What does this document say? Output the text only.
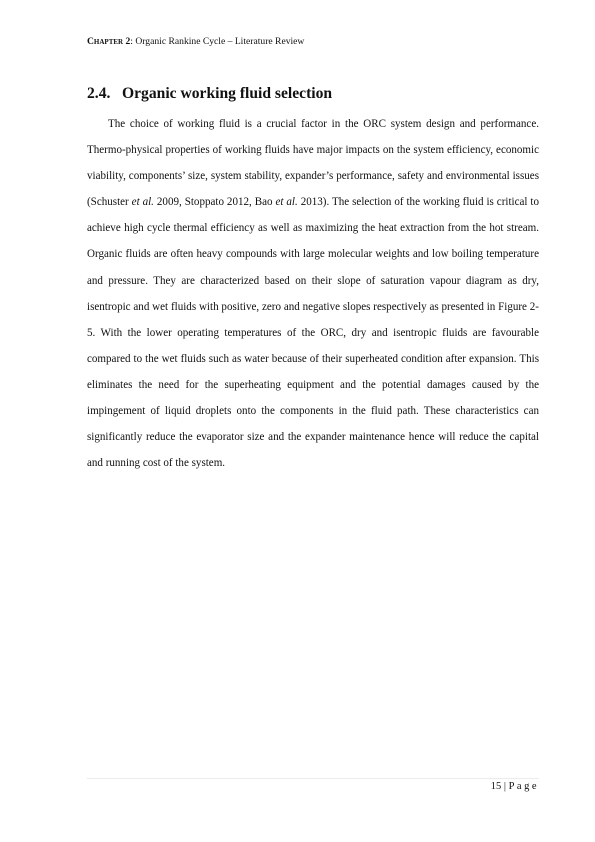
Chapter 2: Organic Rankine Cycle – Literature Review
2.4. Organic working fluid selection

The choice of working fluid is a crucial factor in the ORC system design and performance. Thermo-physical properties of working fluids have major impacts on the system efficiency, economic viability, components’ size, system stability, expander’s performance, safety and environmental issues (Schuster et al. 2009, Stoppato 2012, Bao et al. 2013). The selection of the working fluid is critical to achieve high cycle thermal efficiency as well as maximizing the heat extraction from the hot stream. Organic fluids are often heavy compounds with large molecular weights and low boiling temperature and pressure. They are characterized based on their slope of saturation vapour diagram as dry, isentropic and wet fluids with positive, zero and negative slopes respectively as presented in Figure 2-5. With the lower operating temperatures of the ORC, dry and isentropic fluids are favourable compared to the wet fluids such as water because of their superheated condition after expansion. This eliminates the need for the superheating equipment and the potential damages caused by the impingement of liquid droplets onto the components in the fluid path. These characteristics can significantly reduce the evaporator size and the expander maintenance hence will reduce the capital and running cost of the system.

15 | Page
